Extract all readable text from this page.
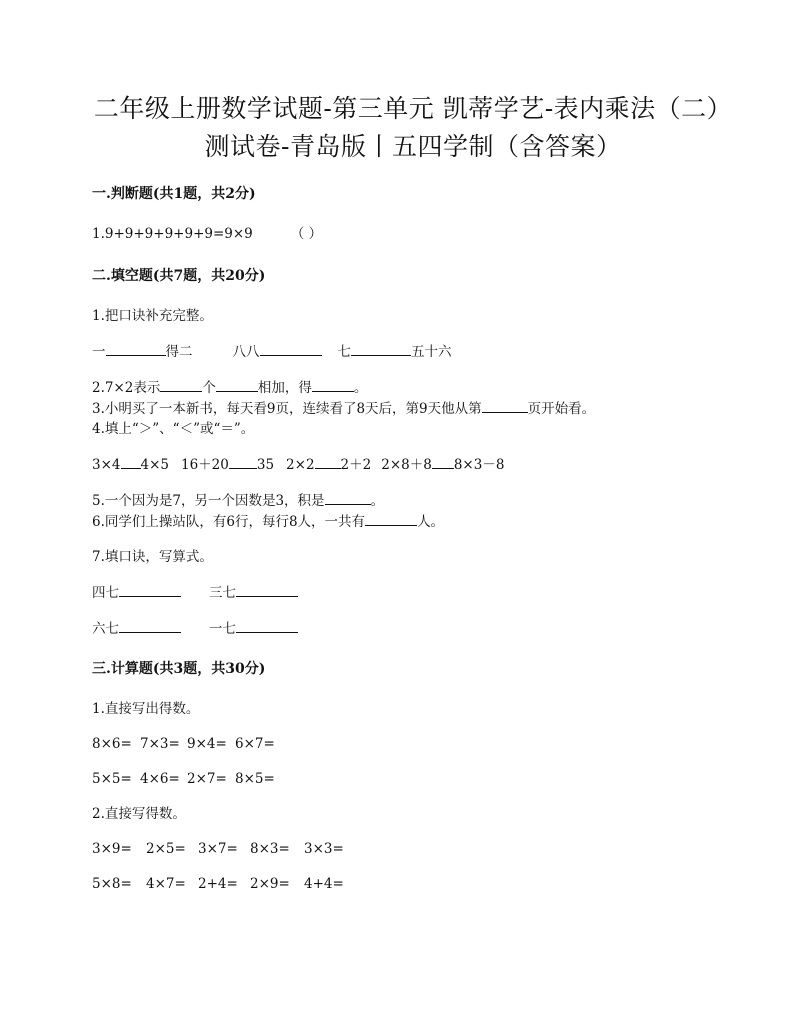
二年级上册数学试题-第三单元 凯蒂学艺-表内乘法（二）
测试卷-青岛版丨五四学制（含答案）
一.判断题(共1题，共2分)
1.9+9+9+9+9+9=9×9	（ ）
二.填空题(共7题，共20分)
1.把口诀补充完整。
一	得二	八八	七	五十六
2.7×2表示	个	相加，得	。
3.小明买了一本新书，每天看9页，连续看了8天后，第9天他从第	页开始看。
4.填上“＞”、“＜”或“＝”。
3×4 4×5 16＋20 35 2×2 2＋2 2×8＋8 8×3－8
5.一个因为是7，另一个因数是3，积是	。
6.同学们上操站队，有6行，每行8人，一共有	人。
7.填口诀，写算式。
四七	三七
六七	一七
三.计算题(共3题，共30分)
1.直接写出得数。
8×6= 7×3= 9×4= 6×7=
5×5= 4×6= 2×7= 8×5=
2.直接写得数。
3×9=	2×5= 3×7= 8×3=	3×3=
5×8=	4×7= 2+4= 2×9=	4+4=
